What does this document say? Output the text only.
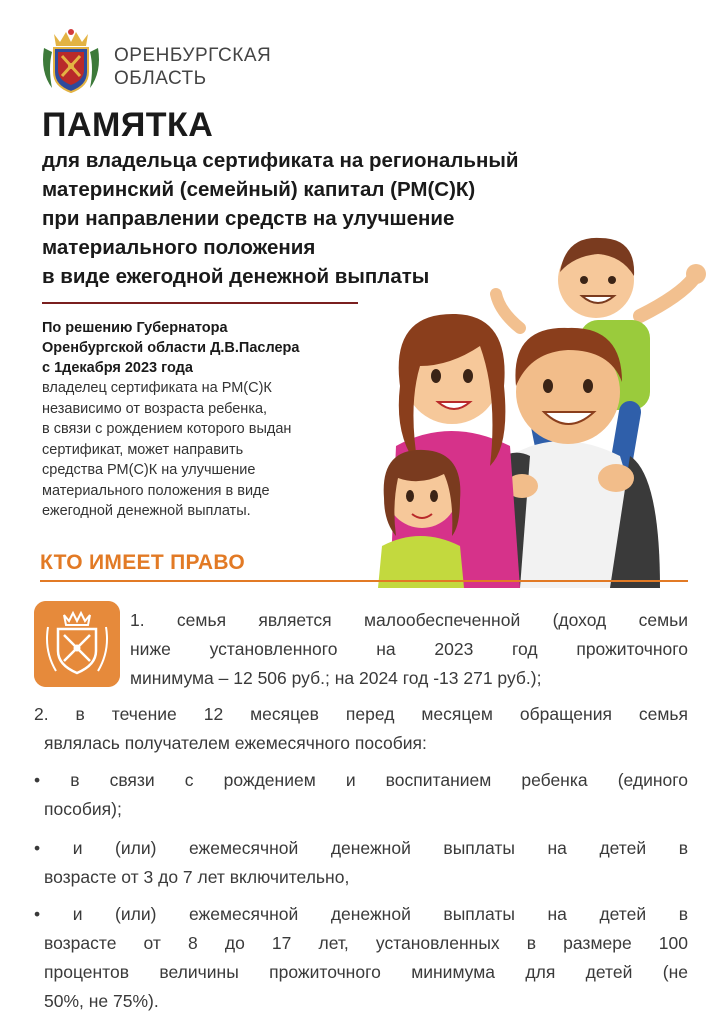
ОРЕНБУРГСКАЯ
ОБЛАСТЬ
ПАМЯТКА
для владельца сертификата на региональный
материнский (семейный) капитал (РМ(С)К)
при направлении средств на улучшение
материального положения
в виде ежегодной денежной выплаты
По решению Губернатора
Оренбургской области Д.В.Паслера
с 1декабря 2023 года
владелец сертификата на РМ(С)К
независимо от возраста ребенка,
в связи с рождением которого выдан
сертификат, может направить
средства РМ(С)К на улучшение
материального положения в виде
ежегодной денежной выплаты.
КТО ИМЕЕТ ПРАВО
1. семья является малообеспеченной (доход семьи
ниже установленного на 2023 год прожиточного
минимума – 12 506 руб.; на 2024 год -13 271 руб.);
2. в течение 12 месяцев перед месяцем обращения семья
являлась получателем ежемесячного пособия:
• в связи с рождением и воспитанием ребенка (единого
пособия);
• и (или) ежемесячной денежной выплаты на детей в
возрасте от 3 до 7 лет включительно,
• и (или) ежемесячной денежной выплаты на детей в
возрасте от 8 до 17 лет, установленных в размере 100
процентов величины прожиточного минимума для детей (не
50%, не 75%).
